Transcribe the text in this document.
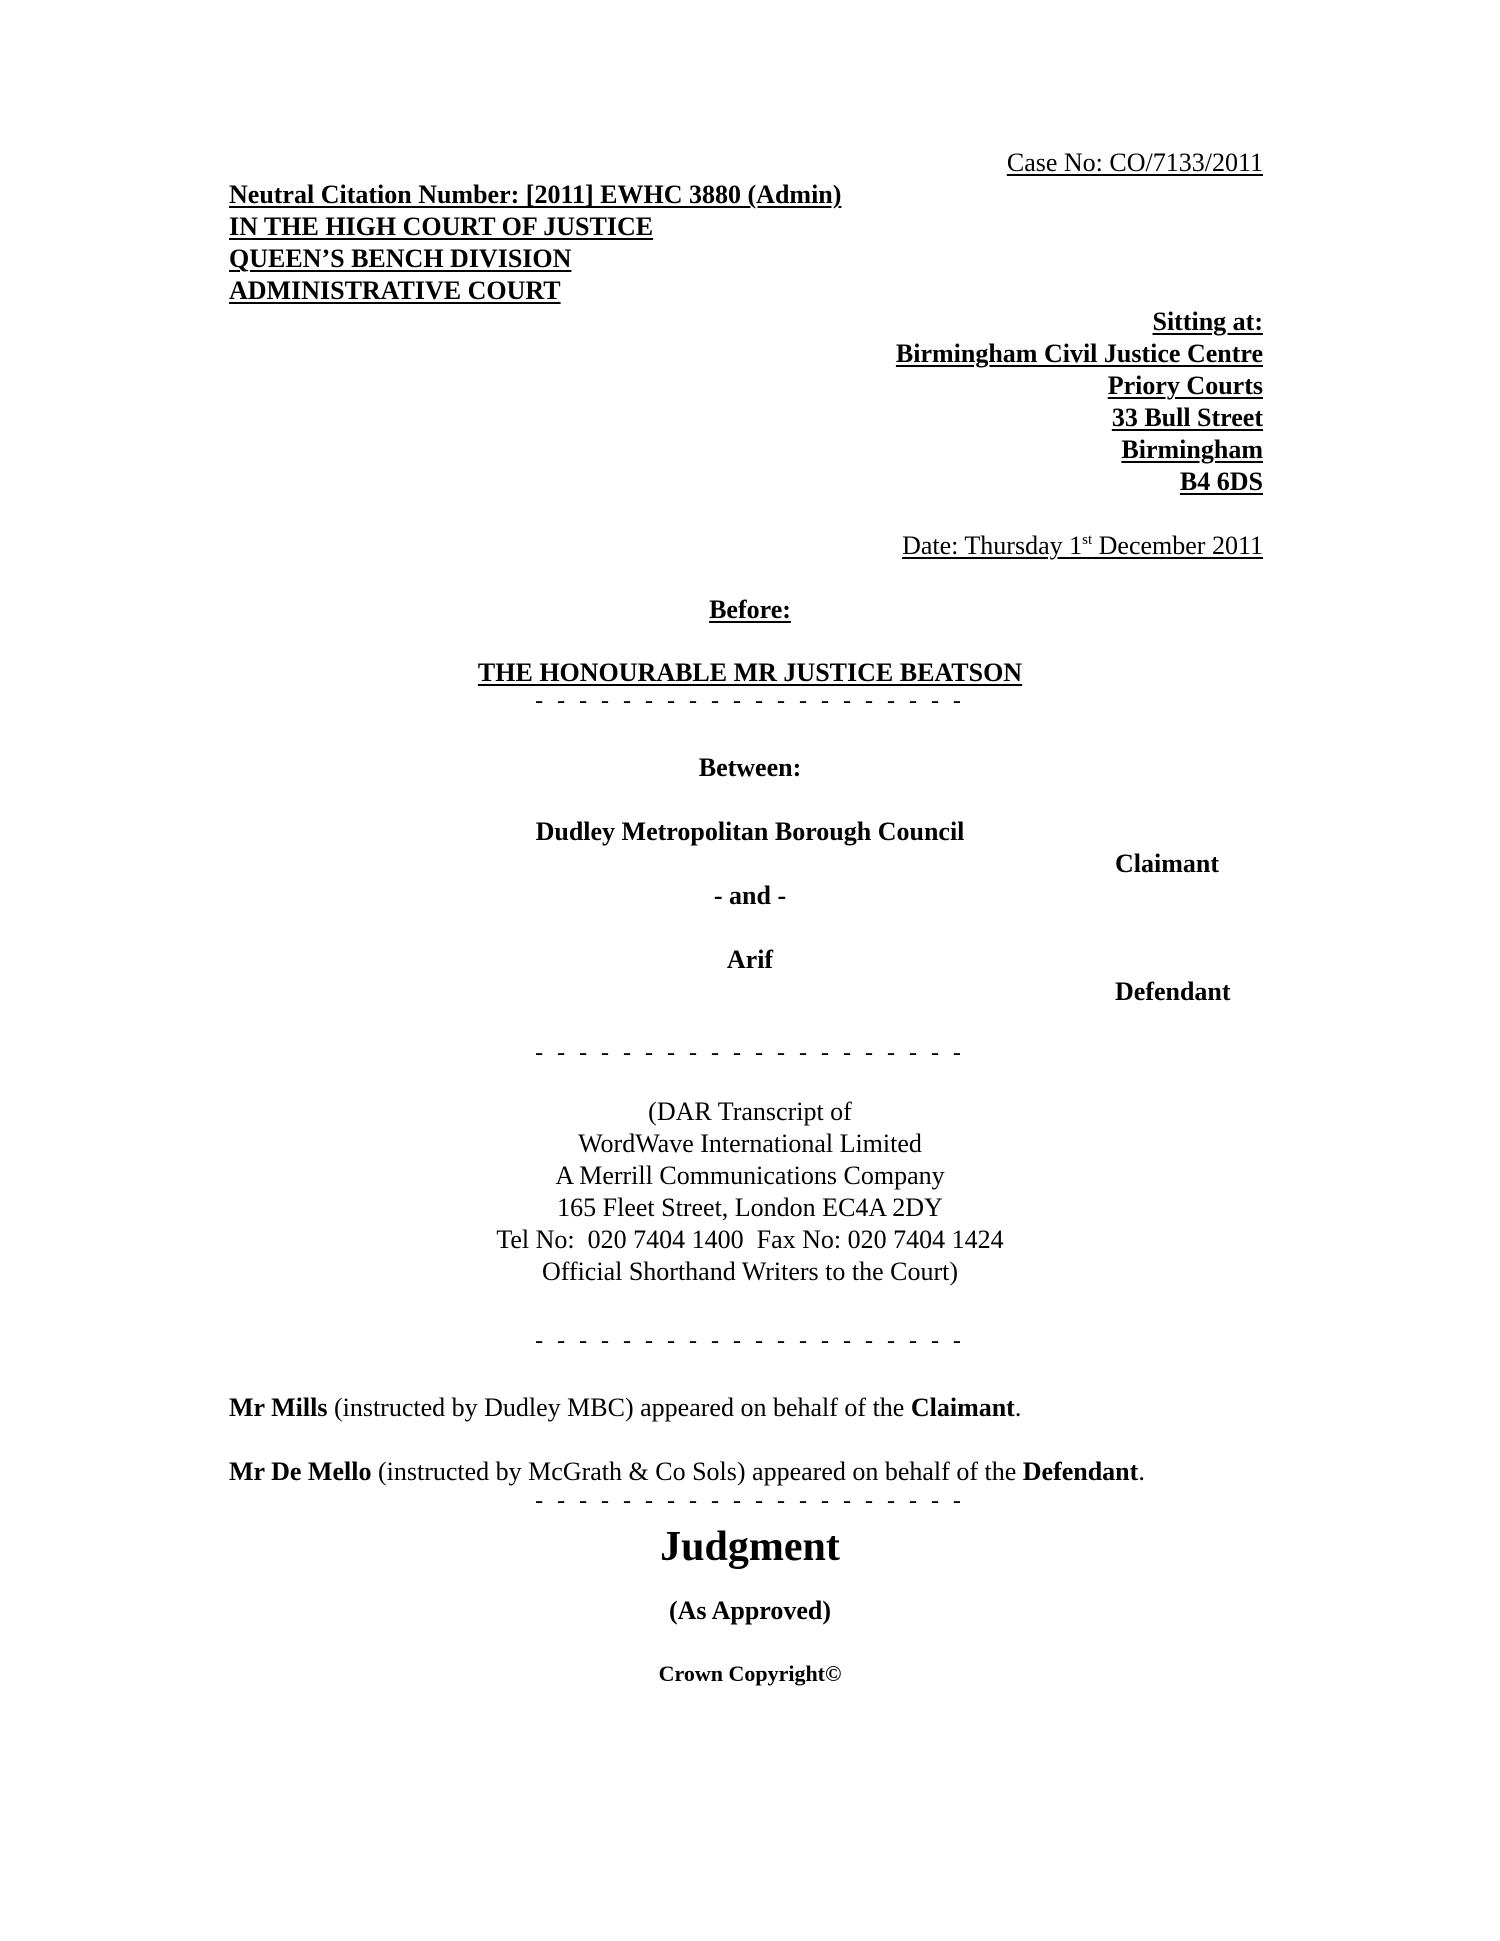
Case No: CO/7133/2011
Neutral Citation Number: [2011] EWHC 3880 (Admin)
IN THE HIGH COURT OF JUSTICE
QUEEN’S BENCH DIVISION
ADMINISTRATIVE COURT
Sitting at:
Birmingham Civil Justice Centre
Priory Courts
33 Bull Street
Birmingham
B4 6DS
Date: Thursday 1st December 2011
Before:
THE HONOURABLE MR JUSTICE BEATSON
- - - - - - - - - - - - - - - - - - - -
Between:
Dudley Metropolitan Borough Council
Claimant
- and -
Arif
Defendant
- - - - - - - - - - - - - - - - - - - -
(DAR Transcript of
WordWave International Limited
A Merrill Communications Company
165 Fleet Street, London EC4A 2DY
Tel No:  020 7404 1400  Fax No: 020 7404 1424
Official Shorthand Writers to the Court)
- - - - - - - - - - - - - - - - - - - -
Mr Mills (instructed by Dudley MBC) appeared on behalf of the Claimant.
Mr De Mello (instructed by McGrath & Co Sols) appeared on behalf of the Defendant.
- - - - - - - - - - - - - - - - - - - -
Judgment
(As Approved)
Crown Copyright©
